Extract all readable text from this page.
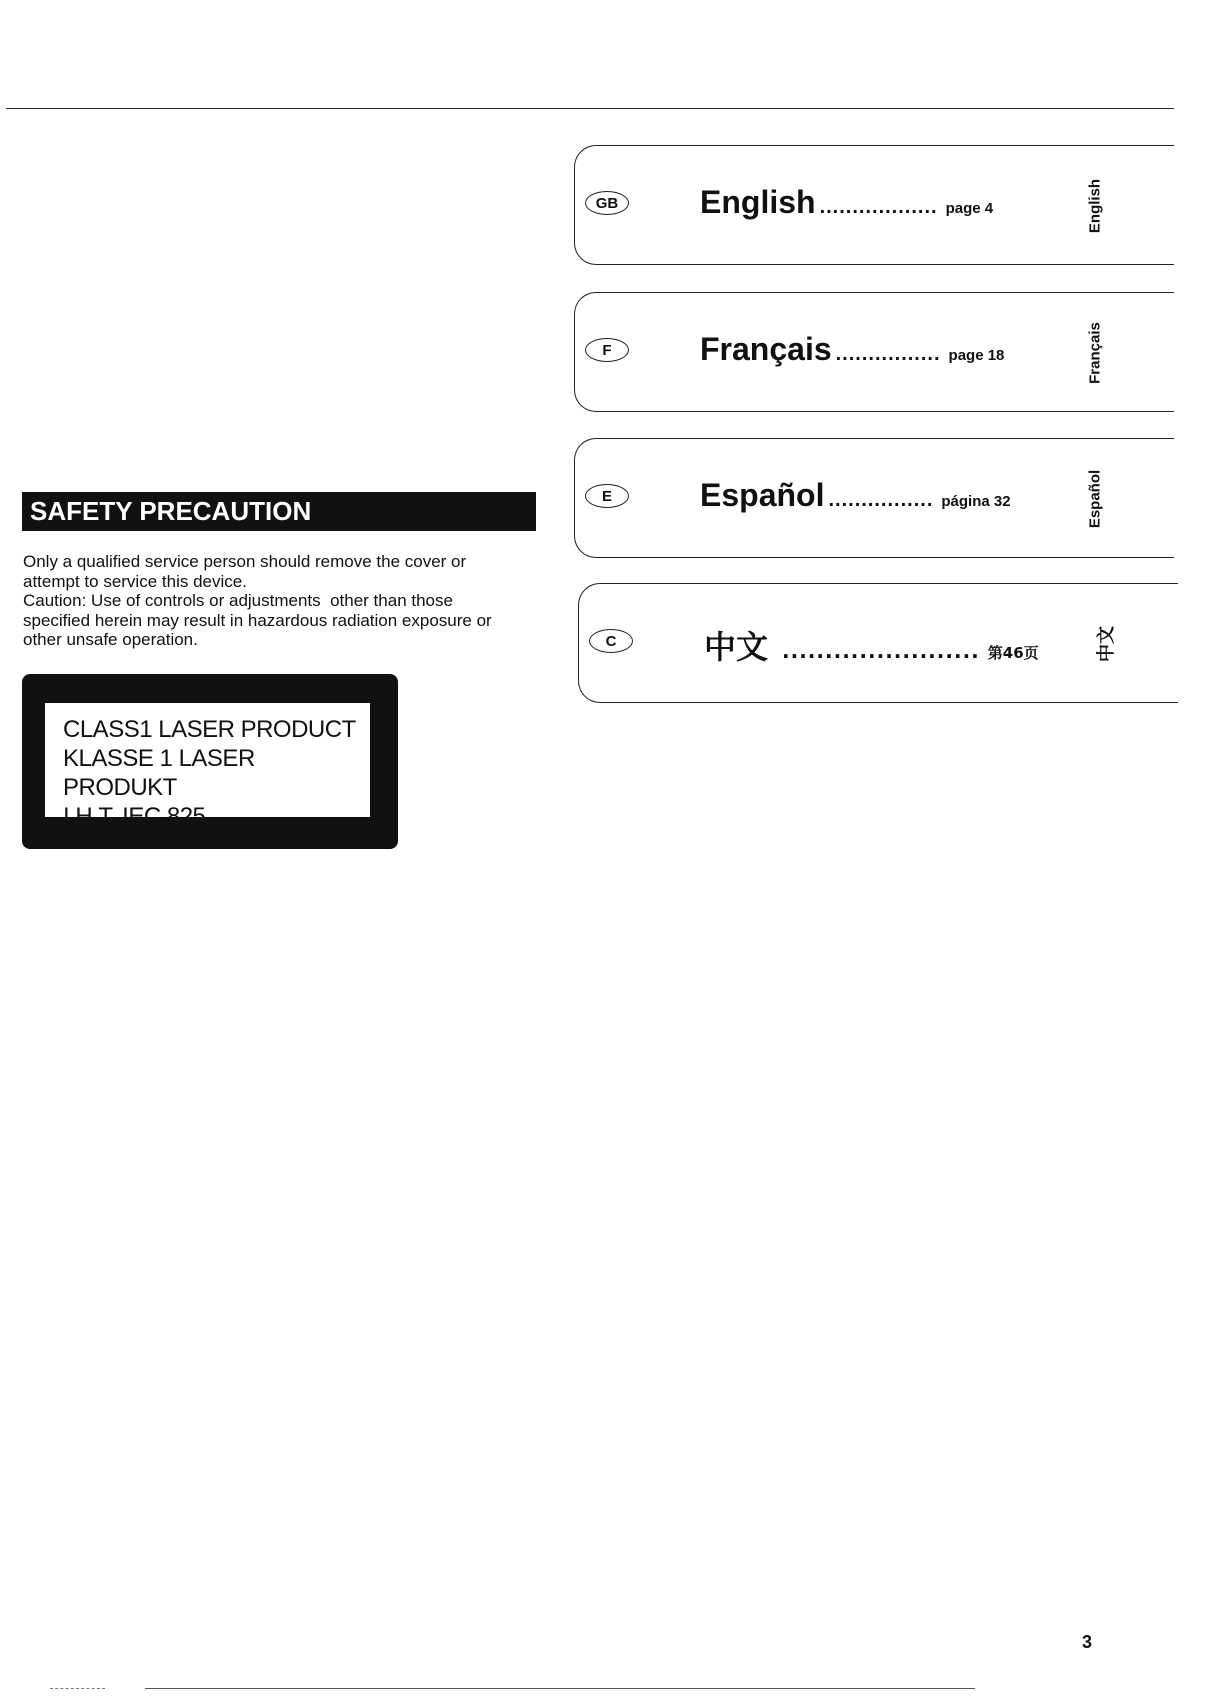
GB	English .................. page 4	English
F	Français ................ page 18	Français
E	Español ................ página 32	Español
C	中文 ....................... 第46页	中文
SAFETY PRECAUTION
Only a qualified service person should remove the cover or
attempt to service this device.
Caution: Use of controls or adjustments  other than those
specified herein may result in hazardous radiation exposure or
other unsafe operation.
CLASS1 LASER PRODUCT
KLASSE 1 LASER PRODUKT
I.H.T. IEC 825
3
